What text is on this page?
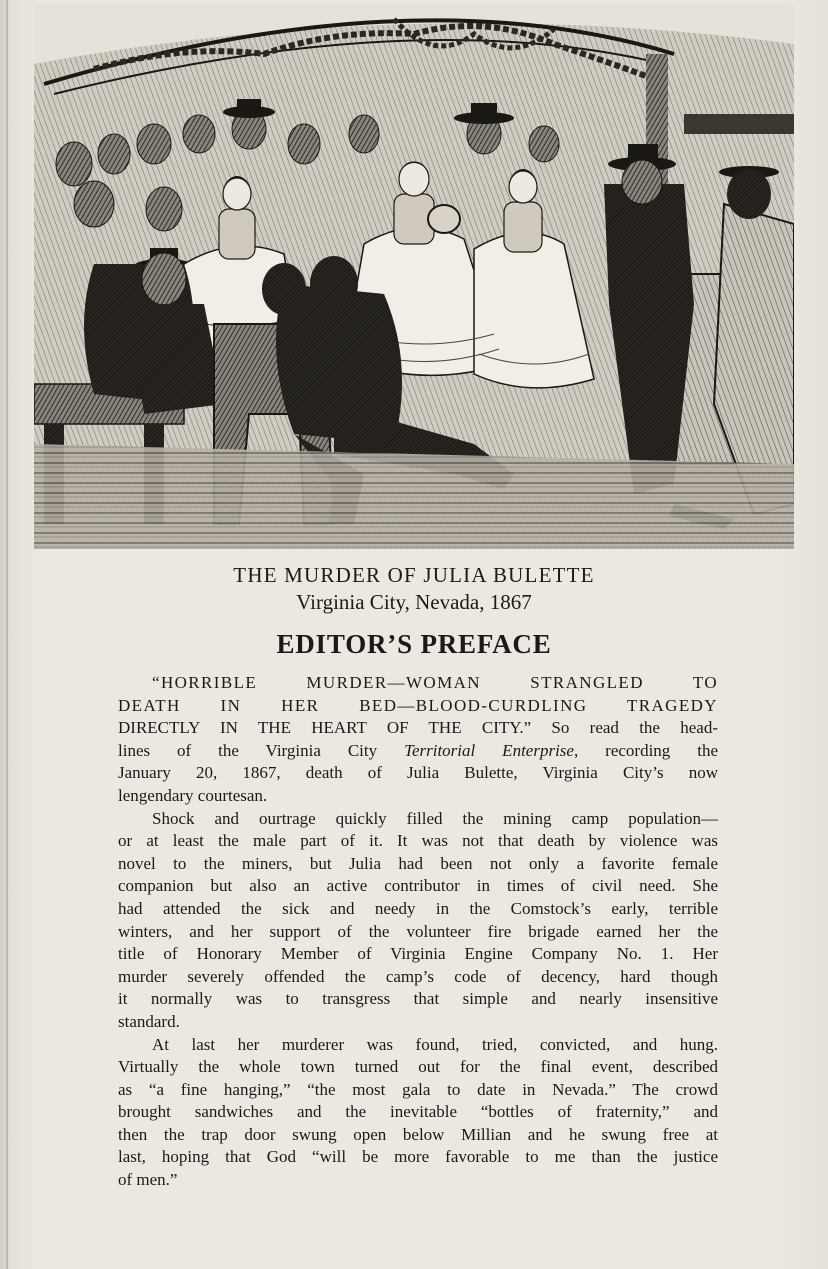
THE MURDER OF JULIA BULETTE

Virginia City, Nevada, 1867

EDITOR’S PREFACE
“HORRIBLE MURDER—WOMAN STRANGLED TO
DEATH IN HER BED—BLOOD-CURDLING TRAGEDY
DIRECTLY IN THE HEART OF THE CITY.” So read the head-
lines of the Virginia City Territorial Enterprise, recording the
January 20, 1867, death of Julia Bulette, Virginia City’s now
lengendary courtesan.
Shock and ourtrage quickly filled the mining camp population—
or at least the male part of it. It was not that death by violence was
novel to the miners, but Julia had been not only a favorite female
companion but also an active contributor in times of civil need. She
had attended the sick and needy in the Comstock’s early, terrible
winters, and her support of the volunteer fire brigade earned her the
title of Honorary Member of Virginia Engine Company No. 1. Her
murder severely offended the camp’s code of decency, hard though
it normally was to transgress that simple and nearly insensitive
standard.
At last her murderer was found, tried, convicted, and hung.
Virtually the whole town turned out for the final event, described
as “a fine hanging,” “the most gala to date in Nevada.” The crowd
brought sandwiches and the inevitable “bottles of fraternity,” and
then the trap door swung open below Millian and he swung free at
last, hoping that God “will be more favorable to me than the justice
of men.”
